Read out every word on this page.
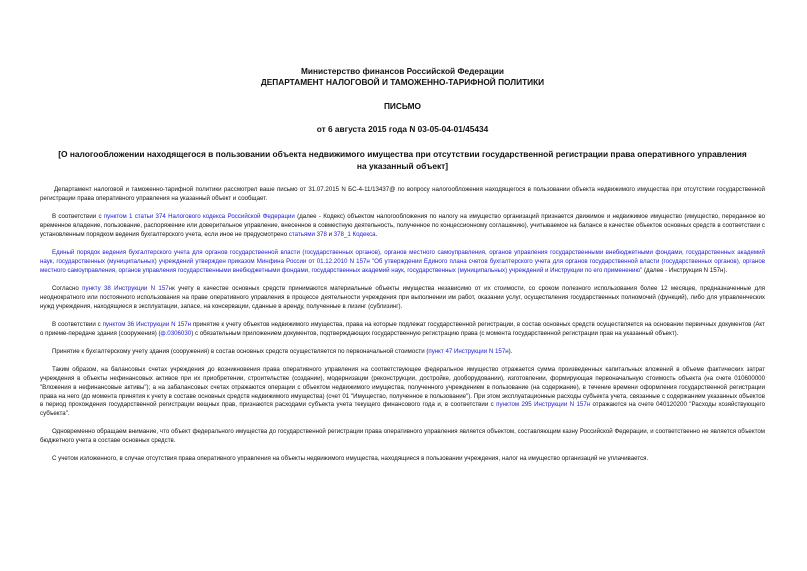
Министерство финансов Российской Федерации
ДЕПАРТАМЕНТ НАЛОГОВОЙ И ТАМОЖЕННО-ТАРИФНОЙ ПОЛИТИКИ
ПИСЬМО
от 6 августа 2015 года N 03-05-04-01/45434
[О налогообложении находящегося в пользовании объекта недвижимого имущества при отсутствии государственной регистрации права оперативного управления на указанный объект]

Департамент налоговой и таможенно-тарифной политики рассмотрел ваше письмо от 31.07.2015 N БС-4-11/13437@ по вопросу налогообложения находящегося в пользовании объекта недвижимого имущества при отсутствии государственной регистрации права оперативного управления на указанный объект и сообщает.

В соответствии с пунктом 1 статьи 374 Налогового кодекса Российской Федерации (далее - Кодекс) объектом налогообложения по налогу на имущество организаций признается движимое и недвижимое имущество (имущество, переданное во временное владение, пользование, распоряжение или доверительное управление, внесенное в совместную деятельность, полученное по концессионному соглашению), учитываемое на балансе в качестве объектов основных средств в соответствии с установленным порядком ведения бухгалтерского учета, если иное не предусмотрено статьями 378 и 378_1 Кодекса.

Единый порядок ведения бухгалтерского учета для органов государственной власти (государственных органов), органов местного самоуправления, органов управления государственными внебюджетными фондами, государственных академий наук, государственных (муниципальных) учреждений утвержден приказом Минфина России от 01.12.2010 N 157н "Об утверждении Единого плана счетов бухгалтерского учета для органов государственной власти (государственных органов), органов местного самоуправления, органов управления государственными внебюджетными фондами, государственных академий наук, государственных (муниципальных) учреждений и Инструкции по его применению" (далее - Инструкция N 157н).

Согласно пункту 38 Инструкции N 157нк учету в качестве основных средств принимаются материальные объекты имущества независимо от их стоимости, со сроком полезного использования более 12 месяцев, предназначенные для неоднократного или постоянного использования на праве оперативного управления в процессе деятельности учреждения при выполнении им работ, оказании услуг, осуществления государственных полномочий (функций), либо для управленческих нужд учреждения, находящиеся в эксплуатации, запасе, на консервации, сданные в аренду, полученные в лизинг (сублизинг).

В соответствии с пунктом 36 Инструкции N 157н принятие к учету объектов недвижимого имущества, права на которые подлежат государственной регистрации, в состав основных средств осуществляется на основании первичных документов (Акт о приеме-передаче здания (сооружения) (ф.0306030) с обязательным приложением документов, подтверждающих государственную регистрацию права (с момента государственной регистрации прав на указанный объект).

Принятие к бухгалтерскому учету здания (сооружения) в состав основных средств осуществляется по первоначальной стоимости (пункт 47 Инструкции N 157н).

Таким образом, на балансовых счетах учреждения до возникновения права оперативного управления на соответствующее федеральное имущество отражается сумма произведенных капитальных вложений в объеме фактических затрат учреждения в объекты нефинансовых активов при их приобретении, строительстве (создании), модернизации (реконструкции, достройке, дооборудовании), изготовлении, формирующая первоначальную стоимость объекта (на счете 010600000 "Вложения в нефинансовые активы"); а на забалансовых счетах отражаются операции с объектом недвижимого имущества, полученного учреждением в пользование (на содержание), в течение времени оформления государственной регистрации права на него (до момента принятия к учету в составе основных средств недвижимого имущества) (счет 01 "Имущество, полученное в пользование"). При этом эксплуатационные расходы субъекта учета, связанные с содержанием указанных объектов в период прохождения государственной регистрации вещных прав, признаются расходами субъекта учета текущего финансового года и, в соответствии с пунктом 295 Инструкции N 157н отражаются на счете 040120200 "Расходы хозяйствующего субъекта".

Одновременно обращаем внимание, что объект федерального имущества до государственной регистрации права оперативного управления является объектом, составляющим казну Российской Федерации, и соответственно не является объектом бюджетного учета в составе основных средств.

С учетом изложенного, в случае отсутствия права оперативного управления на объекты недвижимого имущества, находящиеся в пользовании учреждения, налог на имущество организаций не уплачивается.
